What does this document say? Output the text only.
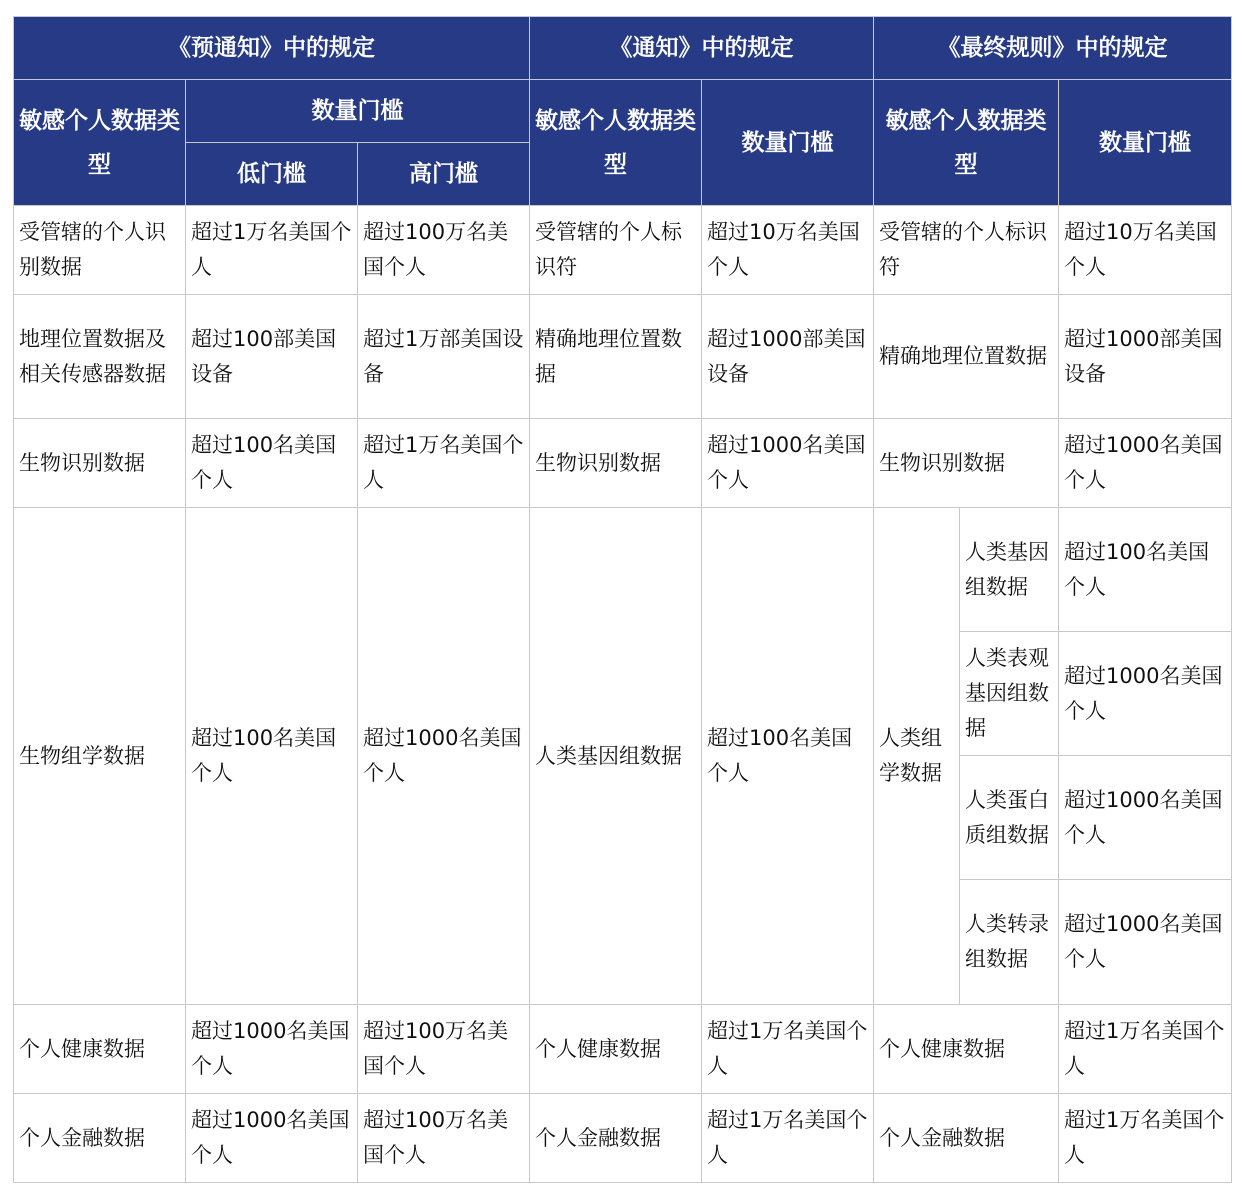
《预通知》中的规定			《通知》中的规定		《最终规则》中的规定		
敏感个人数据类型	数量门槛		敏感个人数据类型	数量门槛	敏感个人数据类型		数量门槛
	低门槛	高门槛					
受管辖的个人识别数据	超过1万名美国个人	超过100万名美国个人	受管辖的个人标识符	超过10万名美国个人	受管辖的个人标识符		超过10万名美国个人
地理位置数据及相关传感器数据	超过100部美国设备	超过1万部美国设备	精确地理位置数据	超过1000部美国设备	精确地理位置数据		超过1000部美国设备
生物识别数据	超过100名美国个人	超过1万名美国个人	生物识别数据	超过1000名美国个人	生物识别数据		超过1000名美国个人
生物组学数据	超过100名美国个人	超过1000名美国个人	人类基因组数据	超过100名美国个人	人类组学数据	人类基因组数据	超过100名美国个人
						人类表观基因组数据	超过1000名美国个人
						人类蛋白质组数据	超过1000名美国个人
						人类转录组数据	超过1000名美国个人
个人健康数据	超过1000名美国个人	超过100万名美国个人	个人健康数据	超过1万名美国个人	个人健康数据		超过1万名美国个人
个人金融数据	超过1000名美国个人	超过100万名美国个人	个人金融数据	超过1万名美国个人	个人金融数据		超过1万名美国个人
